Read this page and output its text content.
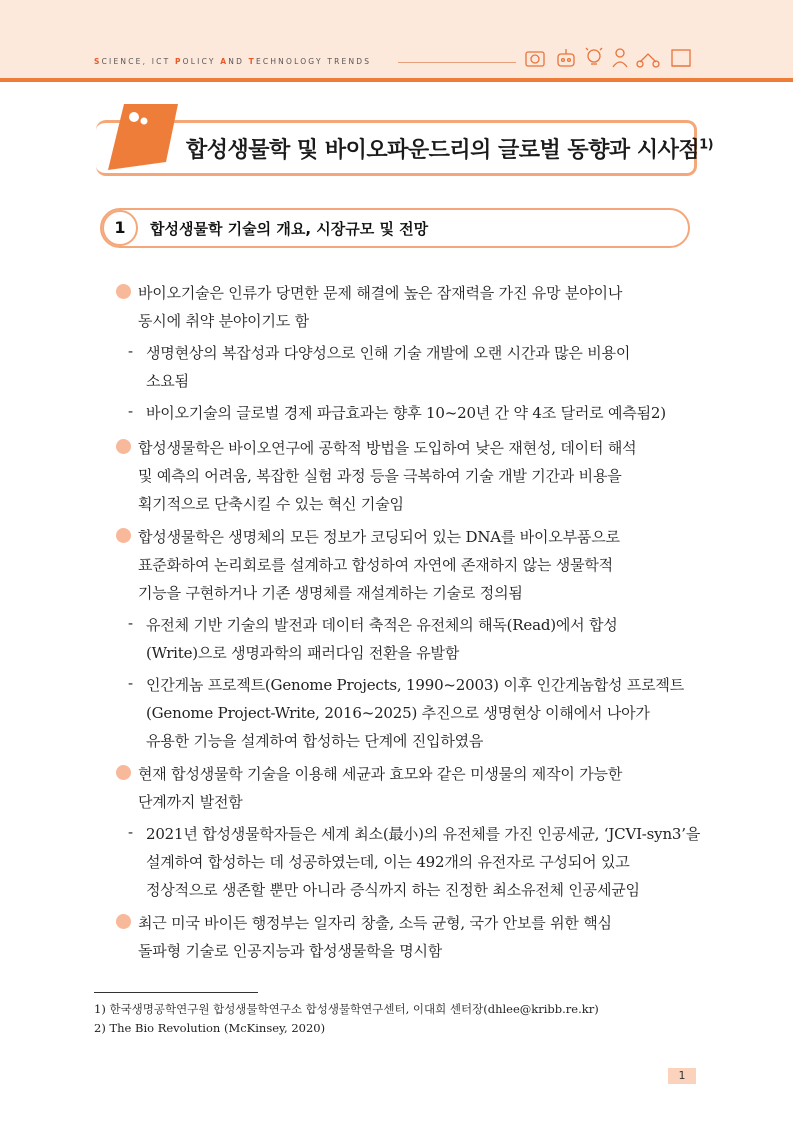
SCIENCE, ICT POLICY AND TECHNOLOGY TRENDS
합성생물학 및 바이오파운드리의 글로벌 동향과 시사점$^{1)}$
1	합성생물학 기술의 개요, 시장규모 및 전망
바이오기술은 인류가 당면한 문제 해결에 높은 잠재력을 가진 유망 분야이나
동시에 취약 분야이기도 함
- 생명현상의 복잡성과 다양성으로 인해 기술 개발에 오랜 시간과 많은 비용이
소요됨
- 바이오기술의 글로벌 경제 파급효과는 향후 10~20년 간 약 4조 달러로 예측됨2)
합성생물학은 바이오연구에 공학적 방법을 도입하여 낮은 재현성, 데이터 해석
및 예측의 어려움, 복잡한 실험 과정 등을 극복하여 기술 개발 기간과 비용을
획기적으로 단축시킬 수 있는 혁신 기술임
합성생물학은 생명체의 모든 정보가 코딩되어 있는 DNA를 바이오부품으로
표준화하여 논리회로를 설계하고 합성하여 자연에 존재하지 않는 생물학적
기능을 구현하거나 기존 생명체를 재설계하는 기술로 정의됨
- 유전체 기반 기술의 발전과 데이터 축적은 유전체의 해독(Read)에서 합성
(Write)으로 생명과학의 패러다임 전환을 유발함
- 인간게놈 프로젝트(Genome Projects, 1990~2003) 이후 인간게놈합성 프로젝트
(Genome Project-Write, 2016~2025) 추진으로 생명현상 이해에서 나아가
유용한 기능을 설계하여 합성하는 단계에 진입하였음
현재 합성생물학 기술을 이용해 세균과 효모와 같은 미생물의 제작이 가능한
단계까지 발전함
- 2021년 합성생물학자들은 세계 최소(最小)의 유전체를 가진 인공세균, ‘JCVI-syn3’을
설계하여 합성하는 데 성공하였는데, 이는 492개의 유전자로 구성되어 있고
정상적으로 생존할 뿐만 아니라 증식까지 하는 진정한 최소유전체 인공세균임
최근 미국 바이든 행정부는 일자리 창출, 소득 균형, 국가 안보를 위한 핵심
돌파형 기술로 인공지능과 합성생물학을 명시함
1) 한국생명공학연구원 합성생물학연구소 합성생물학연구센터, 이대희 센터장(dhlee@kribb.re.kr)
2) The Bio Revolution (McKinsey, 2020)
1
